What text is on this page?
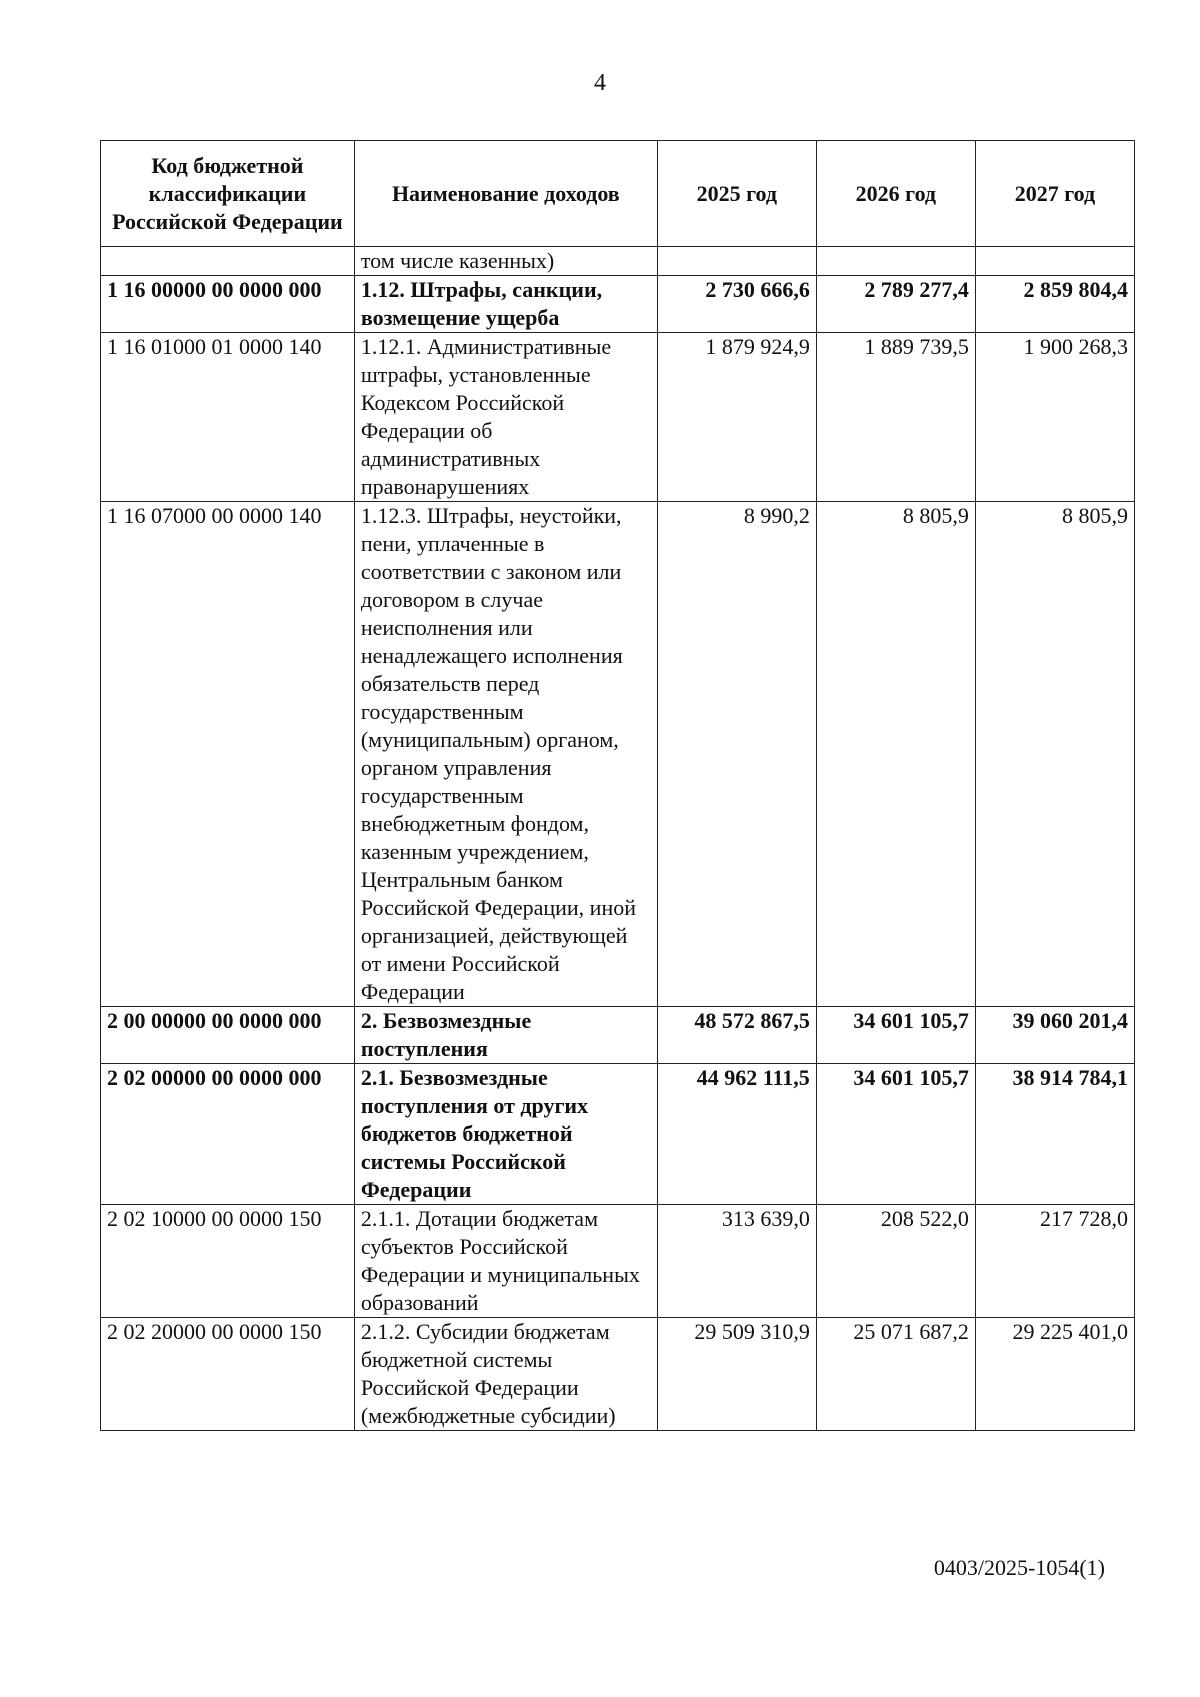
4
Код бюджетной классификации Российской Федерации	Наименование доходов	2025 год	2026 год	2027 год
	том числе казенных)			
1 16 00000 00 0000 000	1.12. Штрафы, санкции, возмещение ущерба	2 730 666,6	2 789 277,4	2 859 804,4
1 16 01000 01 0000 140	1.12.1. Административные штрафы, установленные Кодексом Российской Федерации об административных правонарушениях	1 879 924,9	1 889 739,5	1 900 268,3
1 16 07000 00 0000 140	1.12.3. Штрафы, неустойки, пени, уплаченные в соответствии с законом или договором в случае неисполнения или ненадлежащего исполнения обязательств перед государственным (муниципальным) органом, органом управления государственным внебюджетным фондом, казенным учреждением, Центральным банком Российской Федерации, иной организацией, действующей от имени Российской Федерации	8 990,2	8 805,9	8 805,9
2 00 00000 00 0000 000	2. Безвозмездные поступления	48 572 867,5	34 601 105,7	39 060 201,4
2 02 00000 00 0000 000	2.1. Безвозмездные поступления от других бюджетов бюджетной системы Российской Федерации	44 962 111,5	34 601 105,7	38 914 784,1
2 02 10000 00 0000 150	2.1.1. Дотации бюджетам субъектов Российской Федерации и муниципальных образований	313 639,0	208 522,0	217 728,0
2 02 20000 00 0000 150	2.1.2. Субсидии бюджетам бюджетной системы Российской Федерации (межбюджетные субсидии)	29 509 310,9	25 071 687,2	29 225 401,0
0403/2025-1054(1)
